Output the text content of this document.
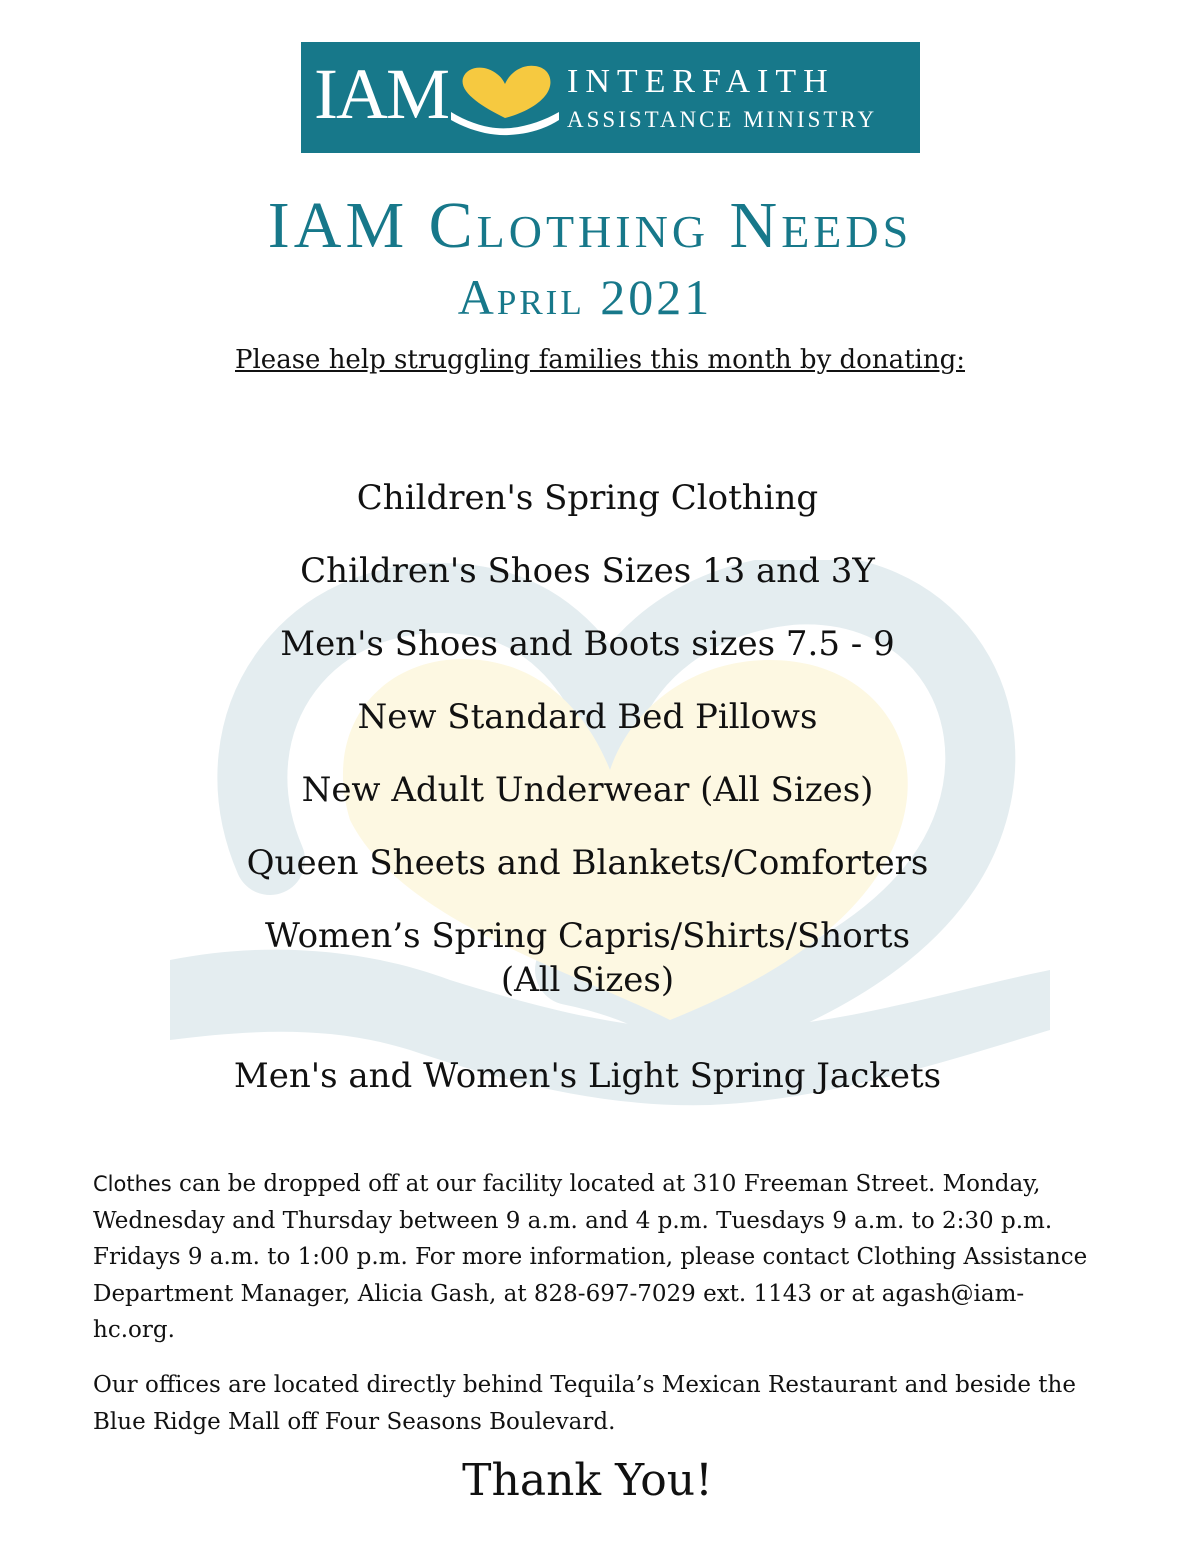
IAM	INTERFAITH
ASSISTANCE MINISTRY
IAM Clothing Needs
April 2021
Please help struggling families this month by donating:
Children's Spring Clothing
Children's Shoes Sizes 13 and 3Y
Men's Shoes and Boots sizes 7.5 - 9
New Standard Bed Pillows
New Adult Underwear (All Sizes)
Queen Sheets and Blankets/Comforters
Women’s Spring Capris/Shirts/Shorts
(All Sizes)
Men's and Women's Light Spring Jackets

Clothes can be dropped off at our facility located at 310 Freeman Street. Monday, Wednesday and Thursday between 9 a.m. and 4 p.m. Tuesdays 9 a.m. to 2:30 p.m. Fridays 9 a.m. to 1:00 p.m. For more information, please contact Clothing Assistance Department Manager, Alicia Gash, at 828-697-7029 ext. 1143 or at agash@iam-hc.org.

Our offices are located directly behind Tequila’s Mexican Restaurant and beside the Blue Ridge Mall off Four Seasons Boulevard.

Thank You!
